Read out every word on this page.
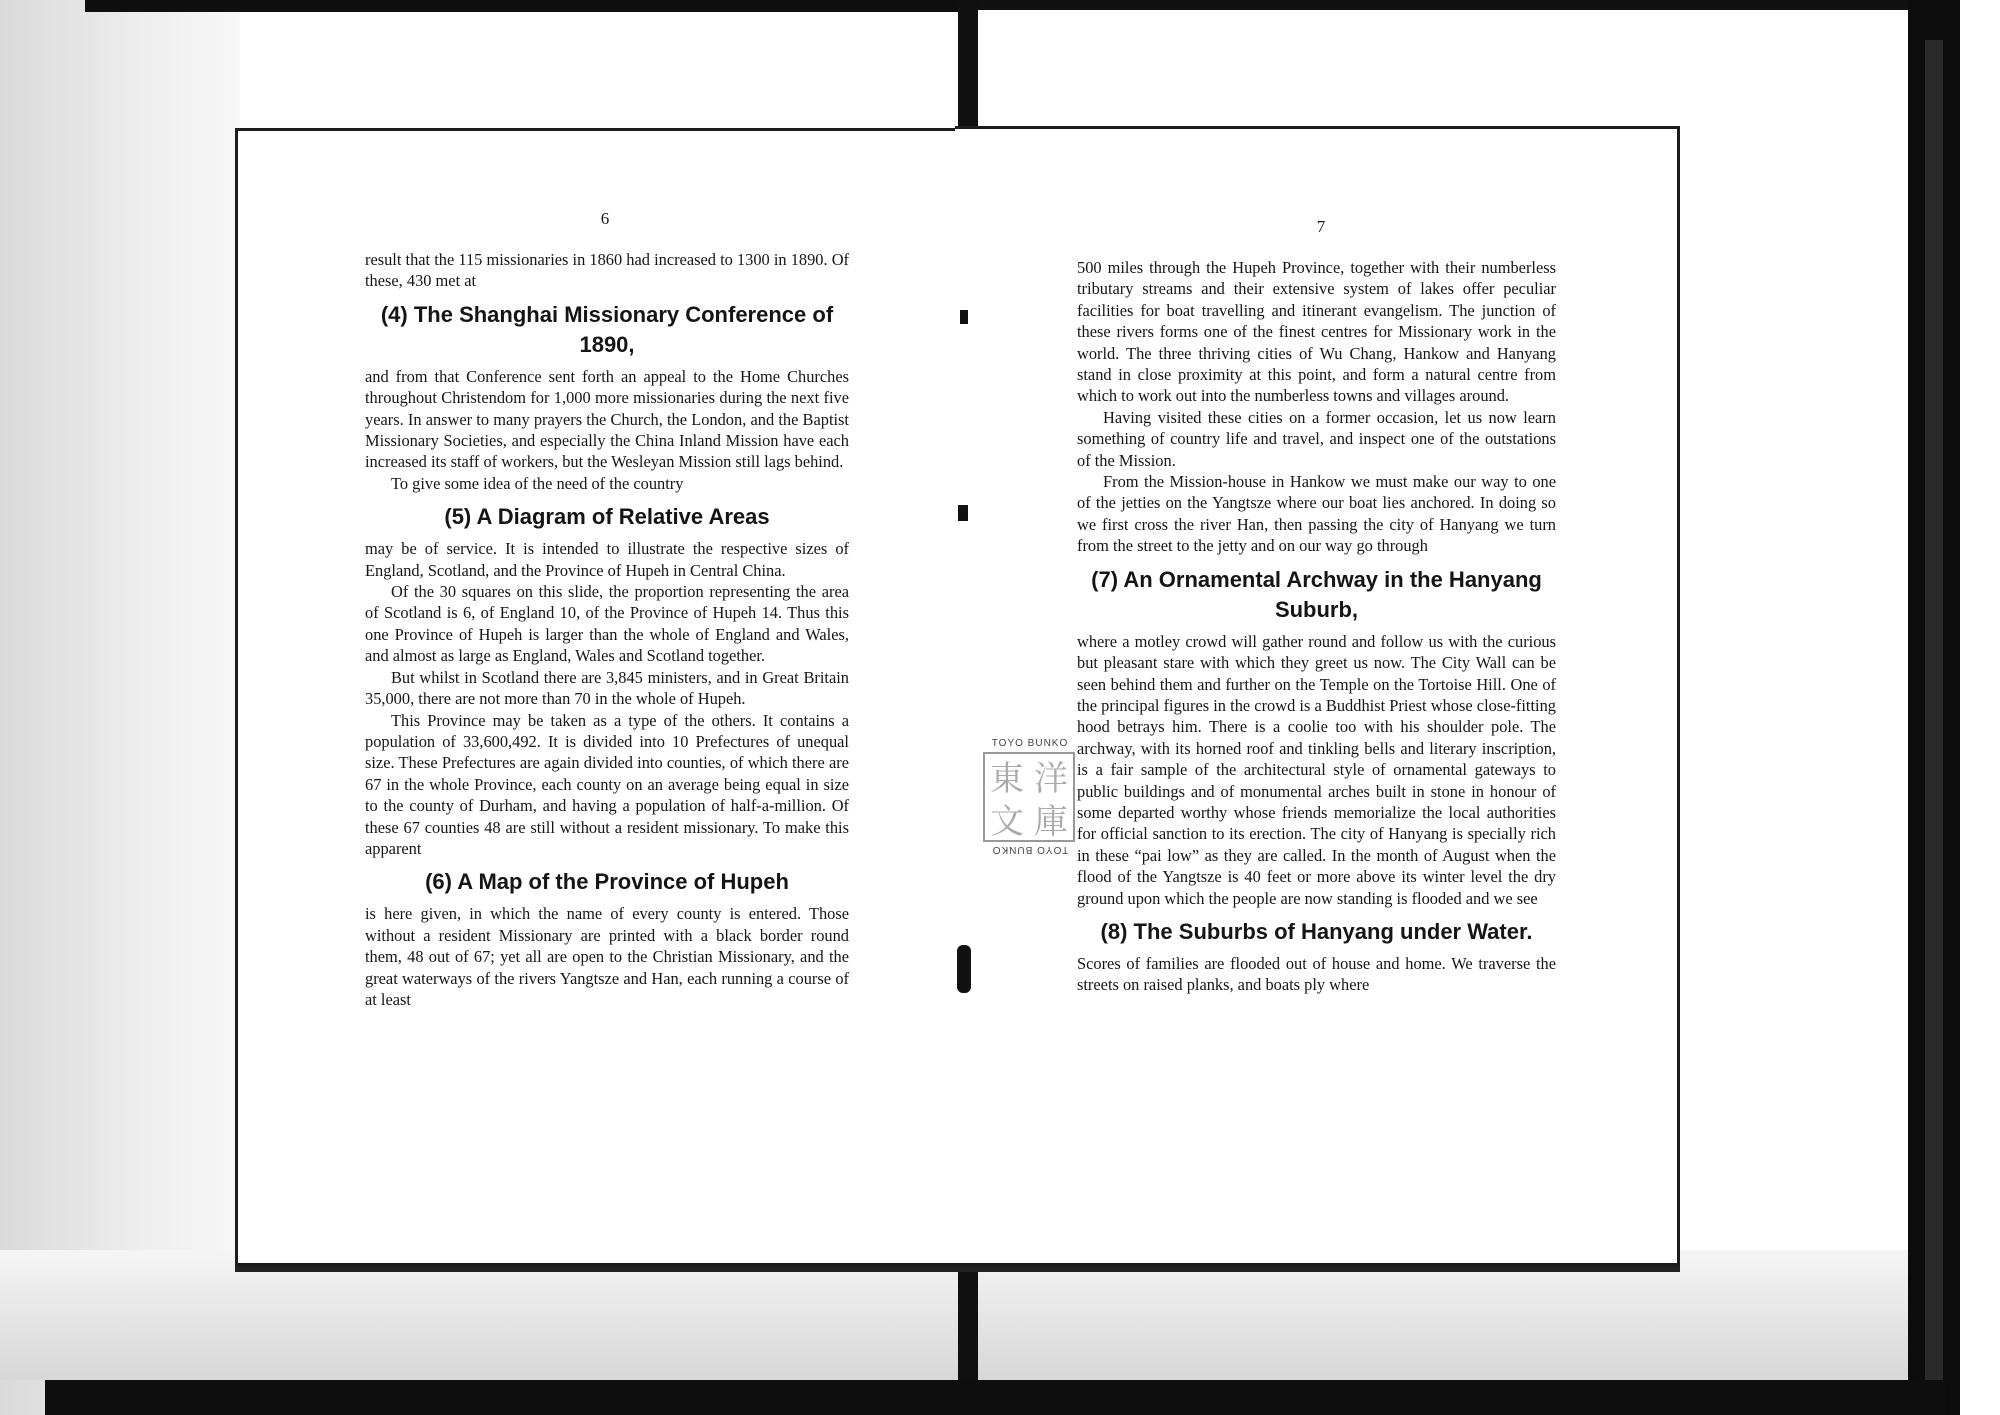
6

result that the 115 missionaries in 1860 had increased to 1300 in 1890. Of these, 430 met at

(4) The Shanghai Missionary Conference of 1890,

and from that Conference sent forth an appeal to the Home Churches throughout Christendom for 1,000 more missionaries during the next five years. In answer to many prayers the Church, the London, and the Baptist Missionary Societies, and especially the China Inland Mission have each increased its staff of workers, but the Wesleyan Mission still lags behind.

To give some idea of the need of the country

(5) A Diagram of Relative Areas

may be of service. It is intended to illustrate the respective sizes of England, Scotland, and the Province of Hupeh in Central China.

Of the 30 squares on this slide, the proportion representing the area of Scotland is 6, of England 10, of the Province of Hupeh 14. Thus this one Province of Hupeh is larger than the whole of England and Wales, and almost as large as England, Wales and Scotland together.

But whilst in Scotland there are 3,845 ministers, and in Great Britain 35,000, there are not more than 70 in the whole of Hupeh.

This Province may be taken as a type of the others. It contains a population of 33,600,492. It is divided into 10 Prefectures of unequal size. These Prefectures are again divided into counties, of which there are 67 in the whole Province, each county on an average being equal in size to the county of Durham, and having a population of half-a-million. Of these 67 counties 48 are still without a resident missionary. To make this apparent

(6) A Map of the Province of Hupeh

is here given, in which the name of every county is entered. Those without a resident Missionary are printed with a black border round them, 48 out of 67; yet all are open to the Christian Missionary, and the great waterways of the rivers Yangtsze and Han, each running a course of at least

7

500 miles through the Hupeh Province, together with their numberless tributary streams and their extensive system of lakes offer peculiar facilities for boat travelling and itinerant evangelism. The junction of these rivers forms one of the finest centres for Missionary work in the world. The three thriving cities of Wu Chang, Hankow and Hanyang stand in close proximity at this point, and form a natural centre from which to work out into the numberless towns and villages around.

Having visited these cities on a former occasion, let us now learn something of country life and travel, and inspect one of the outstations of the Mission.

From the Mission-house in Hankow we must make our way to one of the jetties on the Yangtsze where our boat lies anchored. In doing so we first cross the river Han, then passing the city of Hanyang we turn from the street to the jetty and on our way go through

(7) An Ornamental Archway in the Hanyang Suburb,

where a motley crowd will gather round and follow us with the curious but pleasant stare with which they greet us now. The City Wall can be seen behind them and further on the Temple on the Tortoise Hill. One of the principal figures in the crowd is a Buddhist Priest whose close-fitting hood betrays him. There is a coolie too with his shoulder pole. The archway, with its horned roof and tinkling bells and literary inscription, is a fair sample of the architectural style of ornamental gateways to public buildings and of monumental arches built in stone in honour of some departed worthy whose friends memorialize the local authorities for official sanction to its erection. The city of Hanyang is specially rich in these “pai low” as they are called. In the month of August when the flood of the Yangtsze is 40 feet or more above its winter level the dry ground upon which the people are now standing is flooded and we see

(8) The Suburbs of Hanyang under Water.

Scores of families are flooded out of house and home. We traverse the streets on raised planks, and boats ply where

TOYO BUNKO
東 洋
文 庫
TOYO BUNKO
